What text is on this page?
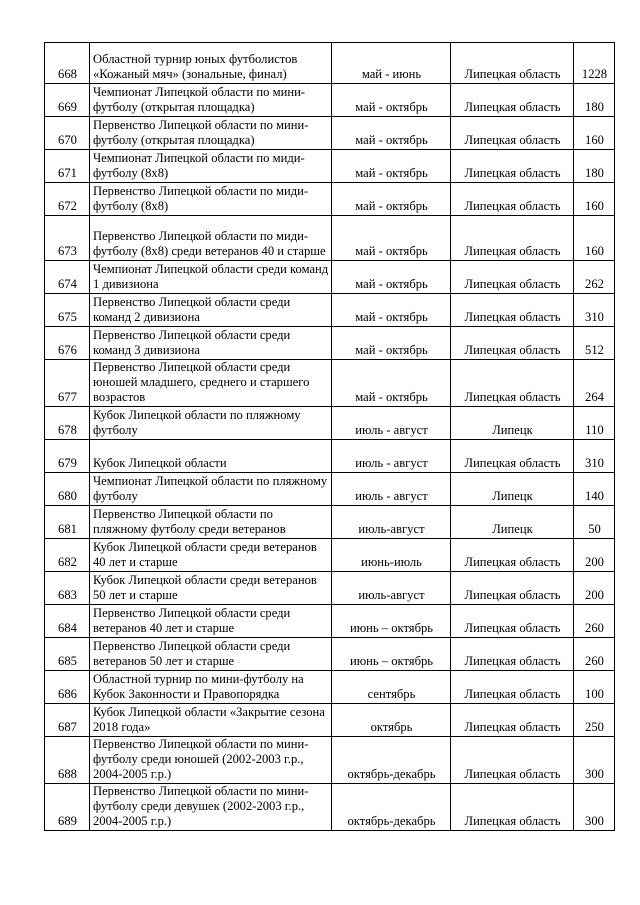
668	Областной турнир юных футболистов «Кожаный мяч» (зональные, финал)	май - июнь	Липецкая область	1228
669	Чемпионат Липецкой области по мини-футболу (открытая площадка)	май - октябрь	Липецкая область	180
670	Первенство Липецкой области по мини-футболу (открытая площадка)	май - октябрь	Липецкая область	160
671	Чемпионат Липецкой области по миди-футболу (8х8)	май - октябрь	Липецкая область	180
672	Первенство Липецкой области по миди-футболу (8х8)	май - октябрь	Липецкая область	160
673	Первенство Липецкой области по миди-футболу (8х8) среди ветеранов 40 и старше	май - октябрь	Липецкая область	160
674	Чемпионат Липецкой области среди команд 1 дивизиона	май - октябрь	Липецкая область	262
675	Первенство Липецкой области среди команд 2 дивизиона	май - октябрь	Липецкая область	310
676	Первенство Липецкой области среди команд 3 дивизиона	май - октябрь	Липецкая область	512
677	Первенство Липецкой области среди юношей младшего, среднего и старшего возрастов	май - октябрь	Липецкая область	264
678	Кубок Липецкой области по пляжному футболу	июль - август	Липецк	110
679	Кубок Липецкой области	июль - август	Липецкая область	310
680	Чемпионат Липецкой области по пляжному футболу	июль - август	Липецк	140
681	Первенство Липецкой области по пляжному футболу среди ветеранов	июль-август	Липецк	50
682	Кубок Липецкой области среди ветеранов 40 лет и старше	июнь-июль	Липецкая область	200
683	Кубок Липецкой области среди ветеранов 50 лет и старше	июль-август	Липецкая область	200
684	Первенство Липецкой области среди ветеранов 40 лет и старше	июнь – октябрь	Липецкая область	260
685	Первенство Липецкой области среди ветеранов 50 лет и старше	июнь – октябрь	Липецкая область	260
686	Областной турнир по мини-футболу на Кубок Законности и Правопорядка	сентябрь	Липецкая область	100
687	Кубок Липецкой области «Закрытие сезона 2018 года»	октябрь	Липецкая область	250
688	Первенство Липецкой области по мини-футболу среди юношей (2002-2003 г.р., 2004-2005 г.р.)	октябрь-декабрь	Липецкая область	300
689	Первенство Липецкой области по мини-футболу среди девушек (2002-2003 г.р., 2004-2005 г.р.)	октябрь-декабрь	Липецкая область	300
